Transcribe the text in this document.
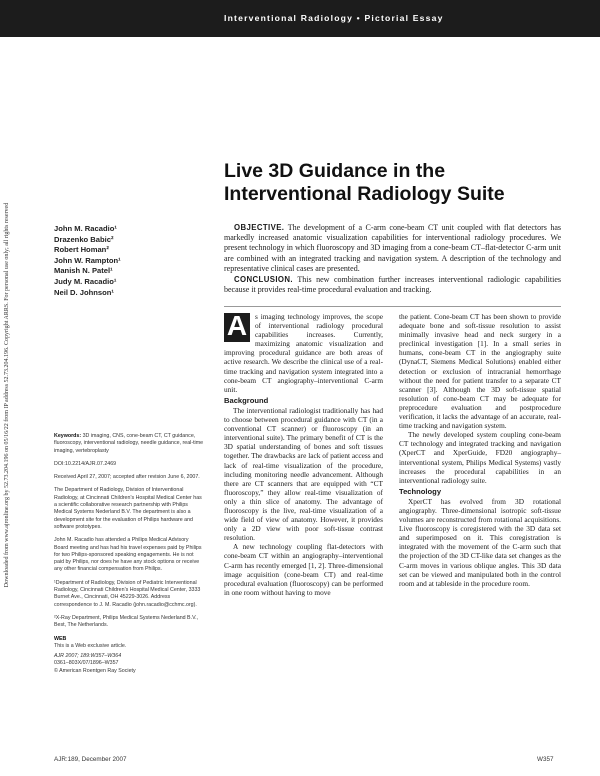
Interventional Radiology • Pictorial Essay
Downloaded from www.ajronline.org by 52.73.204.196 on 05/16/22 from IP address 52.73.204.196. Copyright ARRS. For personal use only; all rights reserved
Live 3D Guidance in the
Interventional Radiology Suite
John M. Racadio¹
Drazenko Babic²
Robert Homan²
John W. Rampton¹
Manish N. Patel¹
Judy M. Racadio¹
Neil D. Johnson¹

OBJECTIVE. The development of a C-arm cone-beam CT unit coupled with flat detectors has markedly increased anatomic visualization capabilities for interventional radiology procedures. We present technology in which fluoroscopy and 3D imaging from a cone-beam CT–flat-detector C-arm unit are combined with an integrated tracking and navigation system. A description of the technology and representative clinical cases are presented.

CONCLUSION. This new combination further increases interventional radiologic capabilities because it provides real-time procedural evaluation and tracking.

Keywords: 3D imaging, CNS, cone-beam CT, CT guidance, fluoroscopy, interventional radiology, needle guidance, real-time imaging, vertebroplasty

DOI:10.2214/AJR.07.2469

Received April 27, 2007; accepted after revision June 6, 2007.

The Department of Radiology, Division of Interventional Radiology, at Cincinnati Children's Hospital Medical Center has a scientific collaborative research partnership with Philips Medical Systems Nederland B.V. The department is also a development site for the evaluation of Philips hardware and software prototypes.

John M. Racadio has attended a Philips Medical Advisory Board meeting and has had his travel expenses paid by Philips for two Philips-sponsored speaking engagements. He is not paid by Philips, nor does he have any stock options or receive any other financial compensation from Philips.

¹Department of Radiology, Division of Pediatric Interventional Radiology, Cincinnati Children's Hospital Medical Center, 3333 Burnet Ave., Cincinnati, OH 45229-3026. Address correspondence to J. M. Racadio (john.racadio@cchmc.org).

²X-Ray Department, Philips Medical Systems Nederland B.V., Best, The Netherlands.

WEB
This is a Web exclusive article.

AJR 2007; 189:W357–W364

0361–803X/07/1896–W357

© American Roentgen Ray Society

A	s imaging technology improves, the scope of interventional radiology procedural capabilities increases. Currently, maximizing anatomic visualization and improving procedural guidance are both areas of active research. We describe the clinical use of a real-time tracking and navigation system integrated into a cone-beam CT angiography–interventional C-arm unit.

Background

The interventional radiologist traditionally has had to choose between procedural guidance with CT (in a conventional CT scanner) or fluoroscopy (in an interventional suite). The primary benefit of CT is the 3D spatial understanding of bones and soft tissues together. The drawbacks are lack of patient access and lack of real-time visualization of the procedure, including monitoring needle advancement. Although there are CT scanners that are equipped with “CT fluoroscopy,” they allow real-time visualization of only a thin slice of anatomy. The advantage of fluoroscopy is the live, real-time visualization of a wide field of view of anatomy. However, it provides only a 2D view with poor soft-tissue contrast resolution.

A new technology coupling flat-detectors with cone-beam CT within an angiography–interventional C-arm has recently emerged [1, 2]. Three-dimensional image acquisition (cone-beam CT) and real-time procedural evaluation (fluoroscopy) can be performed in one room without having to move

the patient. Cone-beam CT has been shown to provide adequate bone and soft-tissue resolution to assist minimally invasive head and neck surgery in a preclinical investigation [1]. In a small series in humans, cone-beam CT in the angiography suite (DynaCT, Siemens Medical Solutions) enabled either detection or exclusion of intracranial hemorrhage without the need for patient transfer to a separate CT scanner [3]. Although the 3D soft-tissue spatial resolution of cone-beam CT may be adequate for preprocedure evaluation and postprocedure verification, it lacks the advantage of an accurate, real-time tracking and navigation system.

The newly developed system coupling cone-beam CT technology and integrated tracking and navigation (XperCT and XperGuide, FD20 angiography–interventional system, Philips Medical Systems) vastly increases the procedural capabilities in an interventional radiology suite.

Technology

XperCT has evolved from 3D rotational angiography. Three-dimensional isotropic soft-tissue volumes are reconstructed from rotational acquisitions. Live fluoroscopy is coregistered with the 3D data set and superimposed on it. This coregistration is integrated with the movement of the C-arm such that the projection of the 3D CT-like data set changes as the C-arm moves in various oblique angles. This 3D data set can be viewed and manipulated both in the control room and at tableside in the procedure room.

AJR:189, December 2007	W357
